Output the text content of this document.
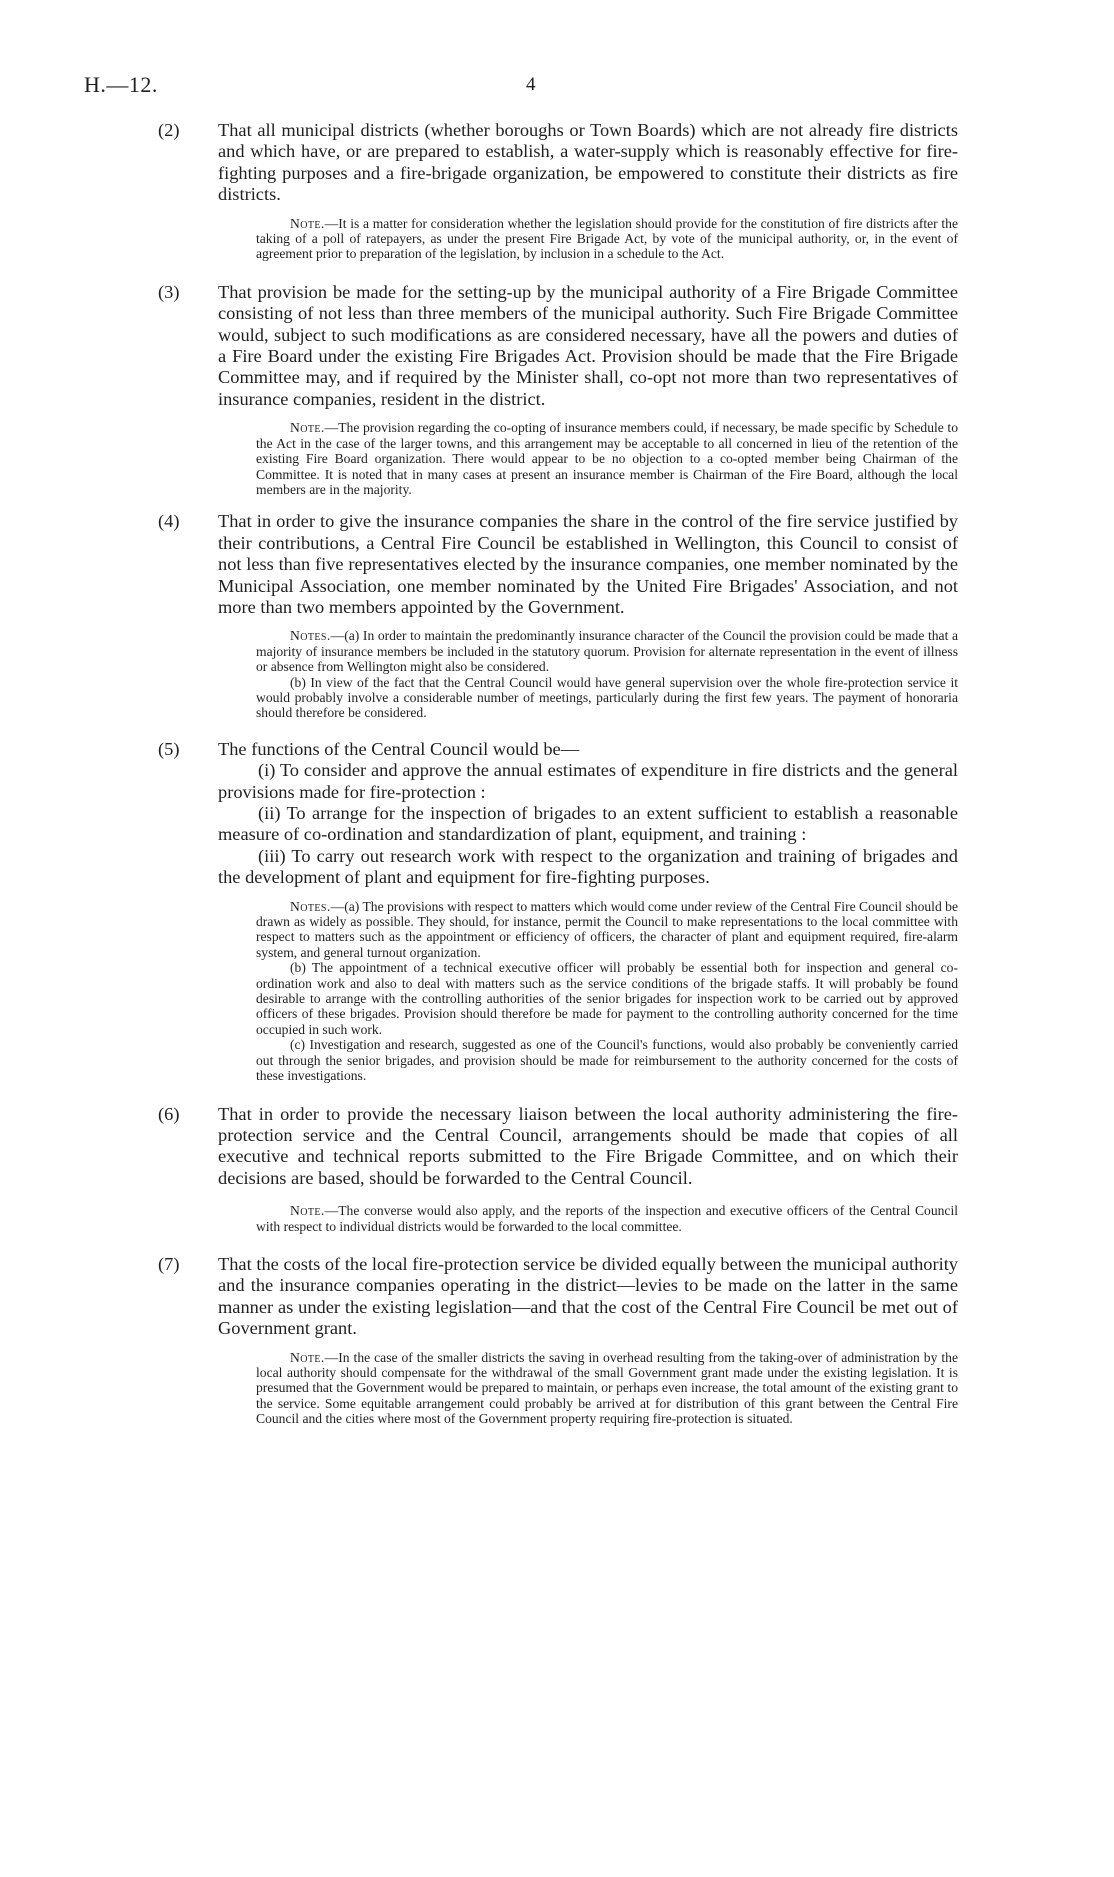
H.—12.	4
(2) That all municipal districts (whether boroughs or Town Boards) which are not already fire districts and which have, or are prepared to establish, a water-supply which is reasonably effective for fire-fighting purposes and a fire-brigade organization, be empowered to constitute their districts as fire districts.

Note.—It is a matter for consideration whether the legislation should provide for the constitution of fire districts after the taking of a poll of ratepayers, as under the present Fire Brigade Act, by vote of the municipal authority, or, in the event of agreement prior to preparation of the legislation, by inclusion in a schedule to the Act.

(3) That provision be made for the setting-up by the municipal authority of a Fire Brigade Committee consisting of not less than three members of the municipal authority. Such Fire Brigade Committee would, subject to such modifications as are considered necessary, have all the powers and duties of a Fire Board under the existing Fire Brigades Act. Provision should be made that the Fire Brigade Committee may, and if required by the Minister shall, co-opt not more than two representatives of insurance companies, resident in the district.

Note.—The provision regarding the co-opting of insurance members could, if necessary, be made specific by Schedule to the Act in the case of the larger towns, and this arrangement may be acceptable to all concerned in lieu of the retention of the existing Fire Board organization. There would appear to be no objection to a co-opted member being Chairman of the Committee. It is noted that in many cases at present an insurance member is Chairman of the Fire Board, although the local members are in the majority.

(4) That in order to give the insurance companies the share in the control of the fire service justified by their contributions, a Central Fire Council be established in Wellington, this Council to consist of not less than five representatives elected by the insurance companies, one member nominated by the Municipal Association, one member nominated by the United Fire Brigades' Association, and not more than two members appointed by the Government.

Notes.—(a) In order to maintain the predominantly insurance character of the Council the provision could be made that a majority of insurance members be included in the statutory quorum. Provision for alternate representation in the event of illness or absence from Wellington might also be considered.

(b) In view of the fact that the Central Council would have general supervision over the whole fire-protection service it would probably involve a considerable number of meetings, particularly during the first few years. The payment of honoraria should therefore be considered.

(5) The functions of the Central Council would be—

(i) To consider and approve the annual estimates of expenditure in fire districts and the general provisions made for fire-protection :

(ii) To arrange for the inspection of brigades to an extent sufficient to establish a reasonable measure of co-ordination and standardization of plant, equipment, and training :

(iii) To carry out research work with respect to the organization and training of brigades and the development of plant and equipment for fire-fighting purposes.

Notes.—(a) The provisions with respect to matters which would come under review of the Central Fire Council should be drawn as widely as possible. They should, for instance, permit the Council to make representations to the local committee with respect to matters such as the appointment or efficiency of officers, the character of plant and equipment required, fire-alarm system, and general turnout organization.

(b) The appointment of a technical executive officer will probably be essential both for inspection and general co-ordination work and also to deal with matters such as the service conditions of the brigade staffs. It will probably be found desirable to arrange with the controlling authorities of the senior brigades for inspection work to be carried out by approved officers of these brigades. Provision should therefore be made for payment to the controlling authority concerned for the time occupied in such work.

(c) Investigation and research, suggested as one of the Council's functions, would also probably be conveniently carried out through the senior brigades, and provision should be made for reimbursement to the authority concerned for the costs of these investigations.

(6) That in order to provide the necessary liaison between the local authority administering the fire-protection service and the Central Council, arrangements should be made that copies of all executive and technical reports submitted to the Fire Brigade Committee, and on which their decisions are based, should be forwarded to the Central Council.

Note.—The converse would also apply, and the reports of the inspection and executive officers of the Central Council with respect to individual districts would be forwarded to the local committee.

(7) That the costs of the local fire-protection service be divided equally between the municipal authority and the insurance companies operating in the district—levies to be made on the latter in the same manner as under the existing legislation—and that the cost of the Central Fire Council be met out of Government grant.

Note.—In the case of the smaller districts the saving in overhead resulting from the taking-over of administration by the local authority should compensate for the withdrawal of the small Government grant made under the existing legislation. It is presumed that the Government would be prepared to maintain, or perhaps even increase, the total amount of the existing grant to the service. Some equitable arrangement could probably be arrived at for distribution of this grant between the Central Fire Council and the cities where most of the Government property requiring fire-protection is situated.
